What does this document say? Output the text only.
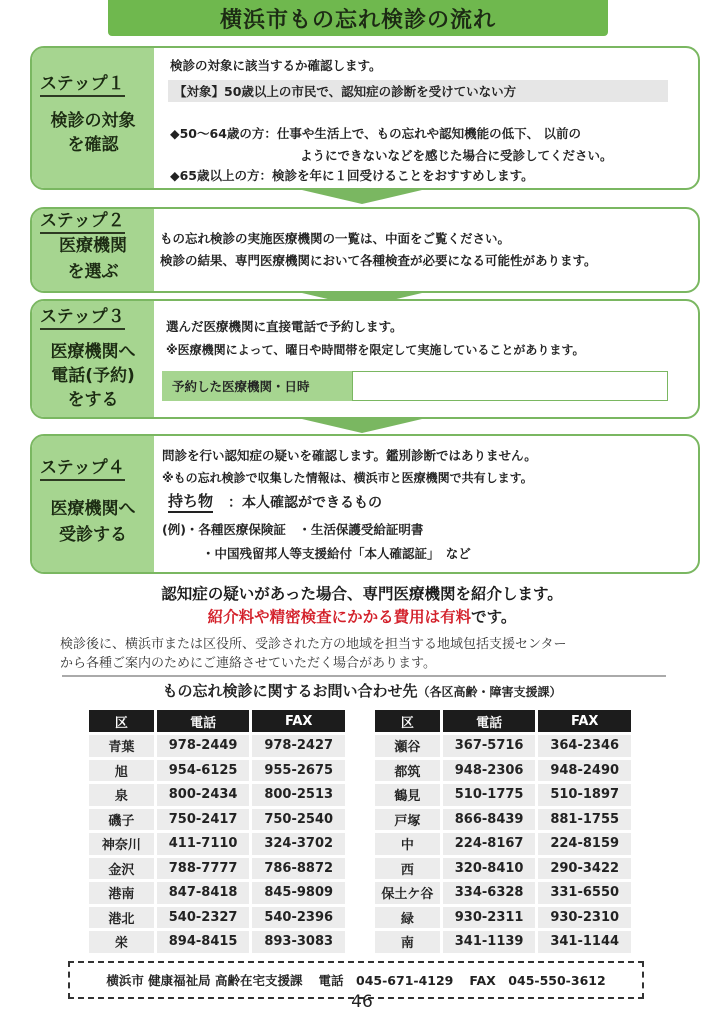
横浜市もの忘れ検診の流れ
ステップ１
検診の対象
を確認
検診の対象に該当するか確認します。
【対象】50歳以上の市民で、認知症の診断を受けていない方
◆50～64歳の方：仕事や生活上で、もの忘れや認知機能の低下、 以前の
ようにできないなどを感じた場合に受診してください。
◆65歳以上の方：検診を年に１回受けることをおすすめします。
ステップ２
医療機関
を選ぶ
もの忘れ検診の実施医療機関の一覧は、中面をご覧ください。
検診の結果、専門医療機関において各種検査が必要になる可能性があります。
ステップ３
医療機関へ
電話(予約)
をする
選んだ医療機関に直接電話で予約します。
※医療機関によって、曜日や時間帯を限定して実施していることがあります。
予約した医療機関・日時
ステップ４
医療機関へ
受診する
問診を行い認知症の疑いを確認します。鑑別診断ではありません。
※もの忘れ検診で収集した情報は、横浜市と医療機関で共有します。
持ち物 ：本人確認ができるもの
(例)・各種医療保険証　・生活保護受給証明書
・中国残留邦人等支援給付「本人確認証」　など
認知症の疑いがあった場合、専門医療機関を紹介します。
紹介料や精密検査にかかる費用は有料です。
検診後に、横浜市または区役所、受診された方の地域を担当する地域包括支援センター
から各種ご案内のためにご連絡させていただく場合があります。
もの忘れ検診に関するお問い合わせ先（各区高齢・障害支援課）
区	電話	FAX
青葉	978-2449	978-2427
旭	954-6125	955-2675
泉	800-2434	800-2513
磯子	750-2417	750-2540
神奈川	411-7110	324-3702
金沢	788-7777	786-8872
港南	847-8418	845-9809
港北	540-2327	540-2396
栄	894-8415	893-3083
区	電話	FAX
瀬谷	367-5716	364-2346
都筑	948-2306	948-2490
鶴見	510-1775	510-1897
戸塚	866-8439	881-1755
中	224-8167	224-8159
西	320-8410	290-3422
保土ケ谷	334-6328	331-6550
緑	930-2311	930-2310
南	341-1139	341-1144
横浜市 健康福祉局 高齢在宅支援課 電話　045-671-4129 FAX　045-550-3612
46
